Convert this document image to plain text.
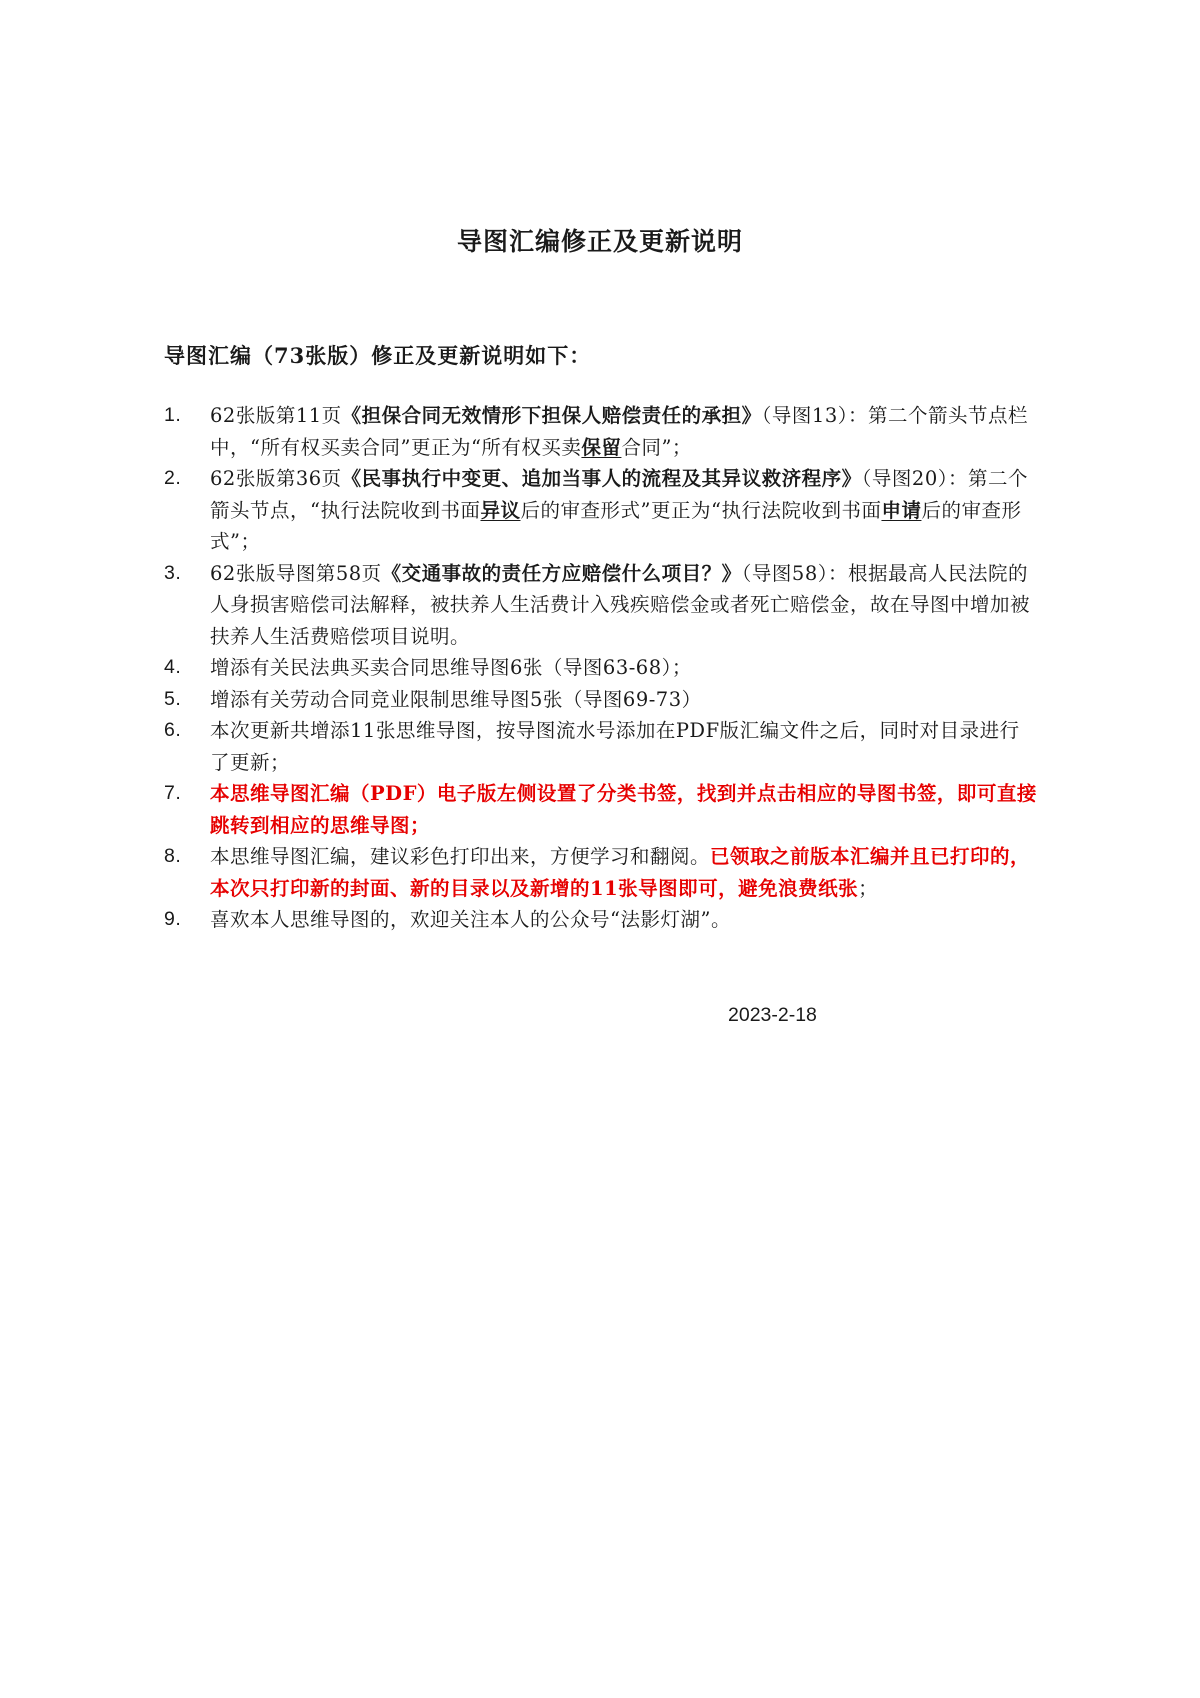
导图汇编修正及更新说明

导图汇编（73张版）修正及更新说明如下：

1. 62张版第11页《担保合同无效情形下担保人赔偿责任的承担》（导图13）：第二个箭头节点栏中，“所有权买卖合同”更正为“所有权买卖保留合同”；
2. 62张版第36页《民事执行中变更、追加当事人的流程及其异议救济程序》（导图20）：第二个箭头节点，“执行法院收到书面异议后的审查形式”更正为“执行法院收到书面申请后的审查形式”；
3. 62张版导图第58页《交通事故的责任方应赔偿什么项目？》（导图58）：根据最高人民法院的人身损害赔偿司法解释，被扶养人生活费计入残疾赔偿金或者死亡赔偿金，故在导图中增加被扶养人生活费赔偿项目说明。
4. 增添有关民法典买卖合同思维导图6张（导图63-68）；
5. 增添有关劳动合同竞业限制思维导图5张（导图69-73）
6. 本次更新共增添11张思维导图，按导图流水号添加在PDF版汇编文件之后，同时对目录进行了更新；
7. 本思维导图汇编（PDF）电子版左侧设置了分类书签，找到并点击相应的导图书签，即可直接跳转到相应的思维导图；
8. 本思维导图汇编，建议彩色打印出来，方便学习和翻阅。已领取之前版本汇编并且已打印的，本次只打印新的封面、新的目录以及新增的11张导图即可，避免浪费纸张；
9. 喜欢本人思维导图的，欢迎关注本人的公众号“法影灯湖”。

2023-2-18
